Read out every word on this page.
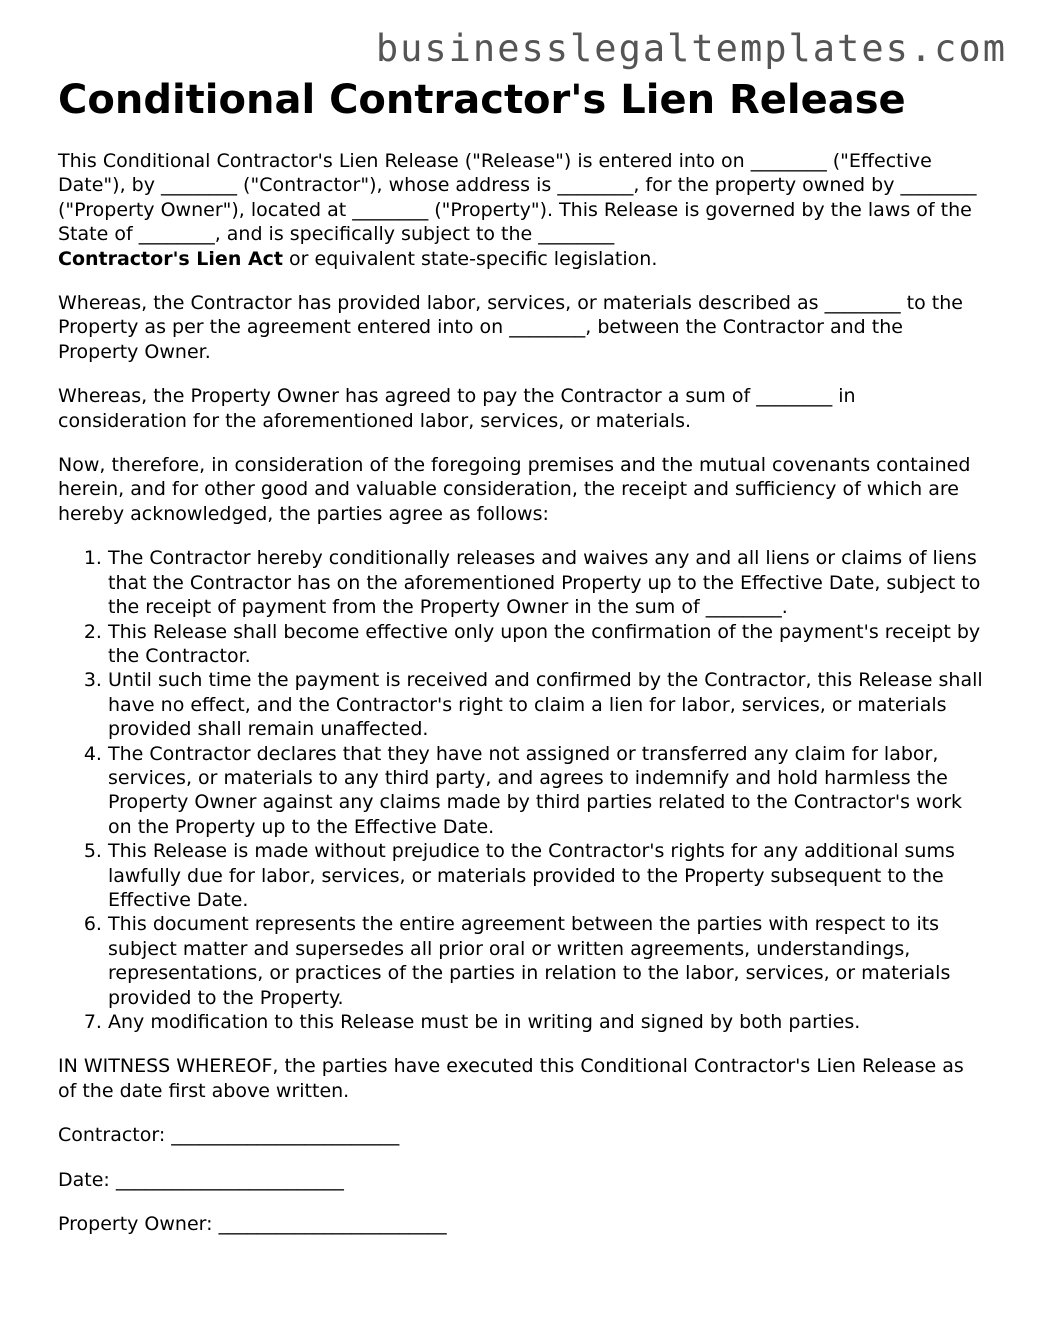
businesslegaltemplates.com
Conditional Contractor's Lien Release

This Conditional Contractor's Lien Release ("Release") is entered into on ________ ("Effective Date"), by ________ ("Contractor"), whose address is ________, for the property owned by ________ ("Property Owner"), located at ________ ("Property"). This Release is governed by the laws of the State of ________, and is specifically subject to the ________
Contractor's Lien Act or equivalent state-specific legislation.

Whereas, the Contractor has provided labor, services, or materials described as ________ to the Property as per the agreement entered into on ________, between the Contractor and the Property Owner.

Whereas, the Property Owner has agreed to pay the Contractor a sum of ________ in consideration for the aforementioned labor, services, or materials.

Now, therefore, in consideration of the foregoing premises and the mutual covenants contained herein, and for other good and valuable consideration, the receipt and sufficiency of which are hereby acknowledged, the parties agree as follows:

1. The Contractor hereby conditionally releases and waives any and all liens or claims of liens that the Contractor has on the aforementioned Property up to the Effective Date, subject to the receipt of payment from the Property Owner in the sum of ________.
2. This Release shall become effective only upon the confirmation of the payment's receipt by the Contractor.
3. Until such time the payment is received and confirmed by the Contractor, this Release shall have no effect, and the Contractor's right to claim a lien for labor, services, or materials provided shall remain unaffected.
4. The Contractor declares that they have not assigned or transferred any claim for labor, services, or materials to any third party, and agrees to indemnify and hold harmless the Property Owner against any claims made by third parties related to the Contractor's work on the Property up to the Effective Date.
5. This Release is made without prejudice to the Contractor's rights for any additional sums lawfully due for labor, services, or materials provided to the Property subsequent to the Effective Date.
6. This document represents the entire agreement between the parties with respect to its subject matter and supersedes all prior oral or written agreements, understandings, representations, or practices of the parties in relation to the labor, services, or materials provided to the Property.
7. Any modification to this Release must be in writing and signed by both parties.

IN WITNESS WHEREOF, the parties have executed this Conditional Contractor's Lien Release as of the date first above written.

Contractor: ________________________
Date: ________________________
Property Owner: ________________________
